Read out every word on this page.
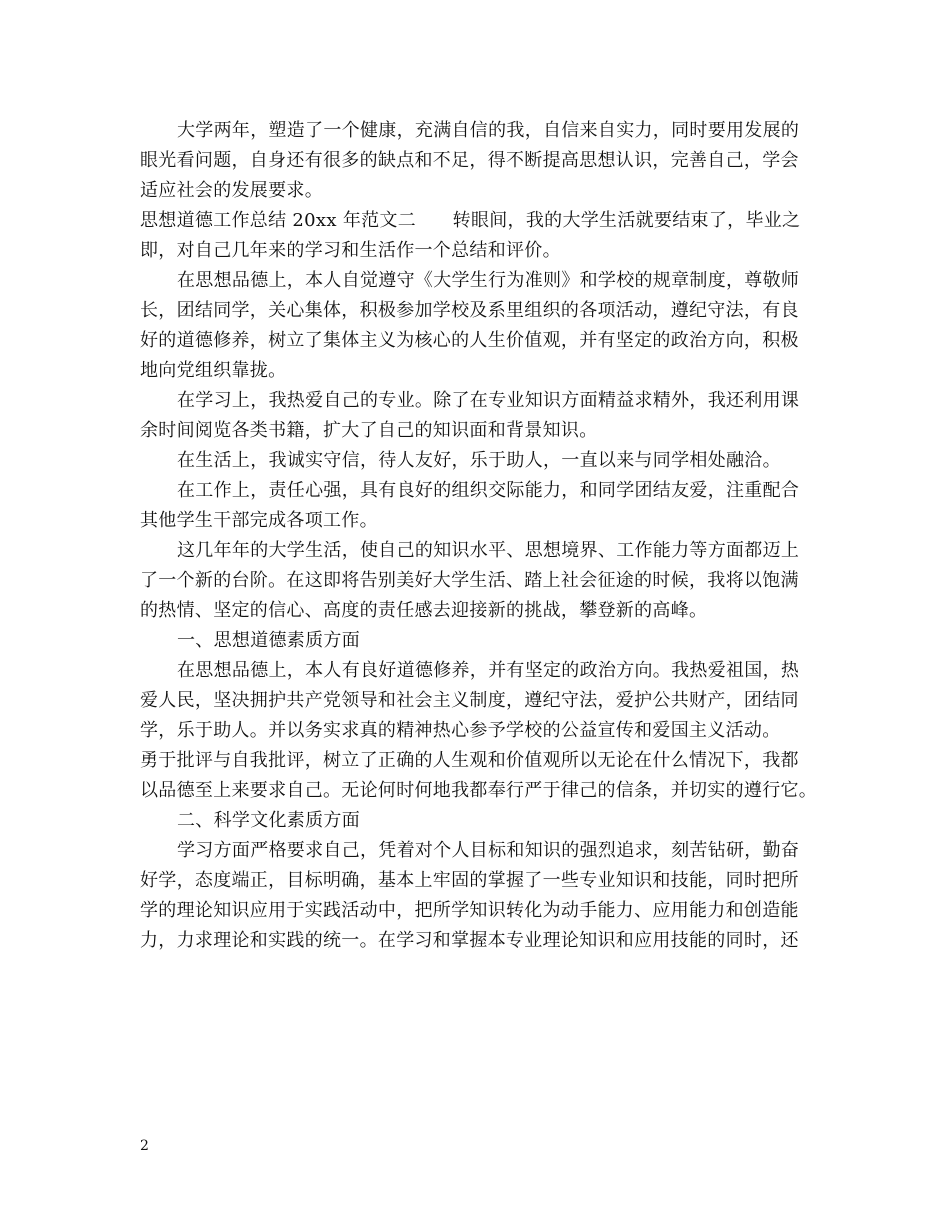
大学两年，塑造了一个健康，充满自信的我，自信来自实力，同时要用发展的
眼光看问题，自身还有很多的缺点和不足，得不断提高思想认识，完善自己，学会
适应社会的发展要求。
思想道德工作总结 20xx 年范文二　　转眼间，我的大学生活就要结束了，毕业之
即，对自己几年来的学习和生活作一个总结和评价。
在思想品德上，本人自觉遵守《大学生行为准则》和学校的规章制度，尊敬师
长，团结同学，关心集体，积极参加学校及系里组织的各项活动，遵纪守法，有良
好的道德修养，树立了集体主义为核心的人生价值观，并有坚定的政治方向，积极
地向党组织靠拢。
在学习上，我热爱自己的专业。除了在专业知识方面精益求精外，我还利用课
余时间阅览各类书籍，扩大了自己的知识面和背景知识。
在生活上，我诚实守信，待人友好，乐于助人，一直以来与同学相处融洽。
在工作上，责任心强，具有良好的组织交际能力，和同学团结友爱，注重配合
其他学生干部完成各项工作。
这几年年的大学生活，使自己的知识水平、思想境界、工作能力等方面都迈上
了一个新的台阶。在这即将告别美好大学生活、踏上社会征途的时候，我将以饱满
的热情、坚定的信心、高度的责任感去迎接新的挑战，攀登新的高峰。
一、思想道德素质方面
在思想品德上，本人有良好道德修养，并有坚定的政治方向。我热爱祖国，热
爱人民，坚决拥护共产党领导和社会主义制度，遵纪守法，爱护公共财产，团结同
学，乐于助人。并以务实求真的精神热心参予学校的公益宣传和爱国主义活动。
勇于批评与自我批评，树立了正确的人生观和价值观所以无论在什么情况下，我都
以品德至上来要求自己。无论何时何地我都奉行严于律己的信条，并切实的遵行它。
二、科学文化素质方面
学习方面严格要求自己，凭着对个人目标和知识的强烈追求，刻苦钻研，勤奋
好学，态度端正，目标明确，基本上牢固的掌握了一些专业知识和技能，同时把所
学的理论知识应用于实践活动中，把所学知识转化为动手能力、应用能力和创造能
力，力求理论和实践的统一。在学习和掌握本专业理论知识和应用技能的同时，还
2
